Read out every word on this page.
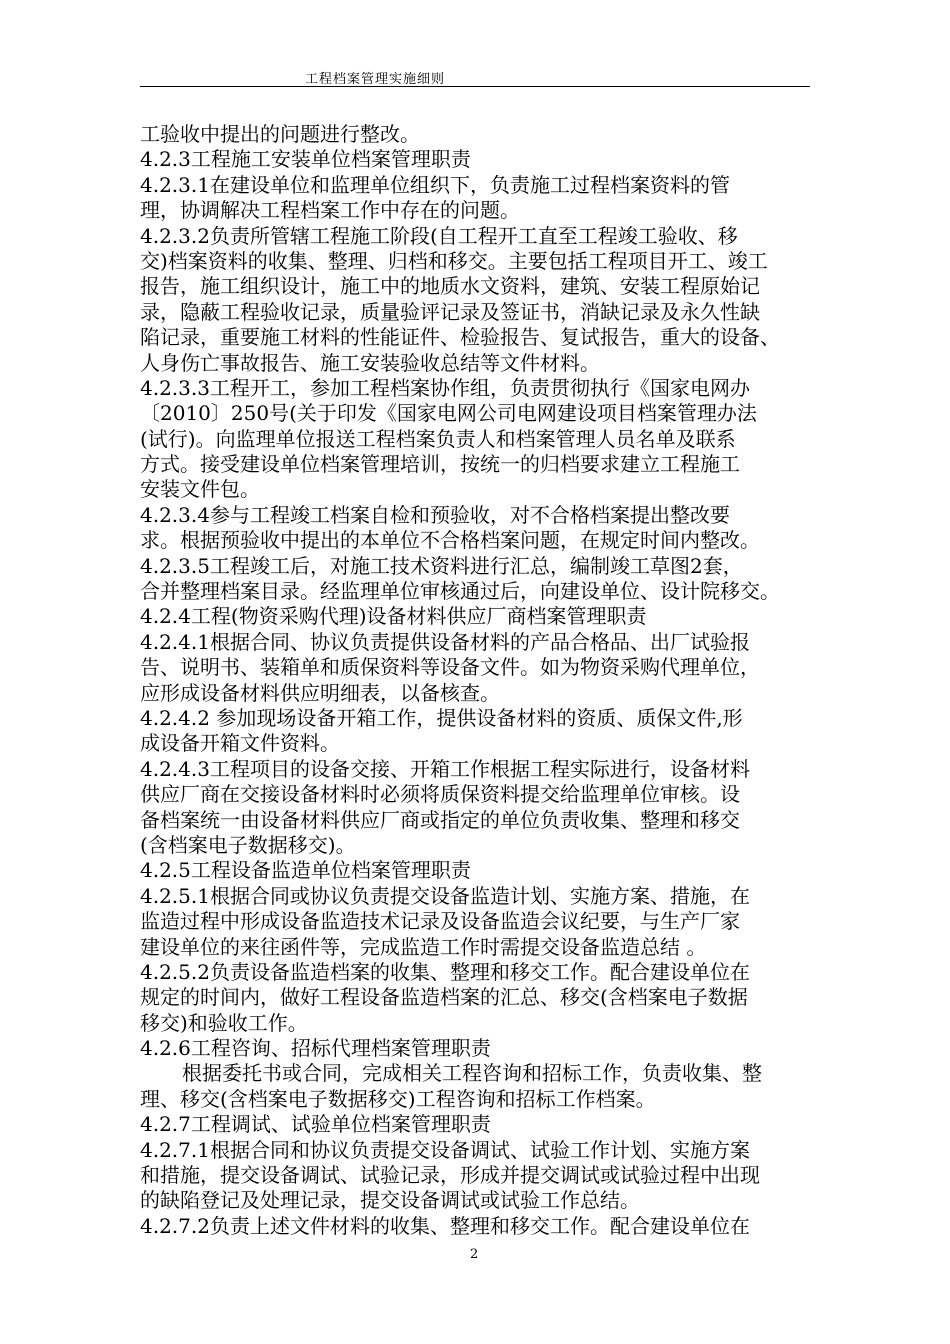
工程档案管理实施细则
工验收中提出的问题进行整改。
4.2.3工程施工安装单位档案管理职责
4.2.3.1在建设单位和监理单位组织下，负责施工过程档案资料的管
理，协调解决工程档案工作中存在的问题。
4.2.3.2负责所管辖工程施工阶段(自工程开工直至工程竣工验收、移
交)档案资料的收集、整理、归档和移交。主要包括工程项目开工、竣工
报告，施工组织设计，施工中的地质水文资料，建筑、安装工程原始记
录，隐蔽工程验收记录，质量验评记录及签证书，消缺记录及永久性缺
陷记录，重要施工材料的性能证件、检验报告、复试报告，重大的设备、
人身伤亡事故报告、施工安装验收总结等文件材料。
4.2.3.3工程开工，参加工程档案协作组，负责贯彻执行《国家电网办
〔2010〕250号(关于印发《国家电网公司电网建设项目档案管理办法
(试行)。向监理单位报送工程档案负责人和档案管理人员名单及联系
方式。接受建设单位档案管理培训，按统一的归档要求建立工程施工
安装文件包。
4.2.3.4参与工程竣工档案自检和预验收，对不合格档案提出整改要
求。根据预验收中提出的本单位不合格档案问题，在规定时间内整改。
4.2.3.5工程竣工后，对施工技术资料进行汇总，编制竣工草图2套，
合并整理档案目录。经监理单位审核通过后，向建设单位、设计院移交。
4.2.4工程(物资采购代理)设备材料供应厂商档案管理职责
4.2.4.1根据合同、协议负责提供设备材料的产品合格品、出厂试验报
告、说明书、装箱单和质保资料等设备文件。如为物资采购代理单位，
应形成设备材料供应明细表，以备核查。
4.2.4.2 参加现场设备开箱工作，提供设备材料的资质、质保文件,形
成设备开箱文件资料。
4.2.4.3工程项目的设备交接、开箱工作根据工程实际进行，设备材料
供应厂商在交接设备材料时必须将质保资料提交给监理单位审核。设
备档案统一由设备材料供应厂商或指定的单位负责收集、整理和移交
(含档案电子数据移交)。
4.2.5工程设备监造单位档案管理职责
4.2.5.1根据合同或协议负责提交设备监造计划、实施方案、措施，在
监造过程中形成设备监造技术记录及设备监造会议纪要，与生产厂家
建设单位的来往函件等，完成监造工作时需提交设备监造总结 。
4.2.5.2负责设备监造档案的收集、整理和移交工作。配合建设单位在
规定的时间内，做好工程设备监造档案的汇总、移交(含档案电子数据
移交)和验收工作。
4.2.6工程咨询、招标代理档案管理职责
根据委托书或合同，完成相关工程咨询和招标工作，负责收集、整
理、移交(含档案电子数据移交)工程咨询和招标工作档案。
4.2.7工程调试、试验单位档案管理职责
4.2.7.1根据合同和协议负责提交设备调试、试验工作计划、实施方案
和措施，提交设备调试、试验记录，形成并提交调试或试验过程中出现
的缺陷登记及处理记录，提交设备调试或试验工作总结。
4.2.7.2负责上述文件材料的收集、整理和移交工作。配合建设单位在
2
